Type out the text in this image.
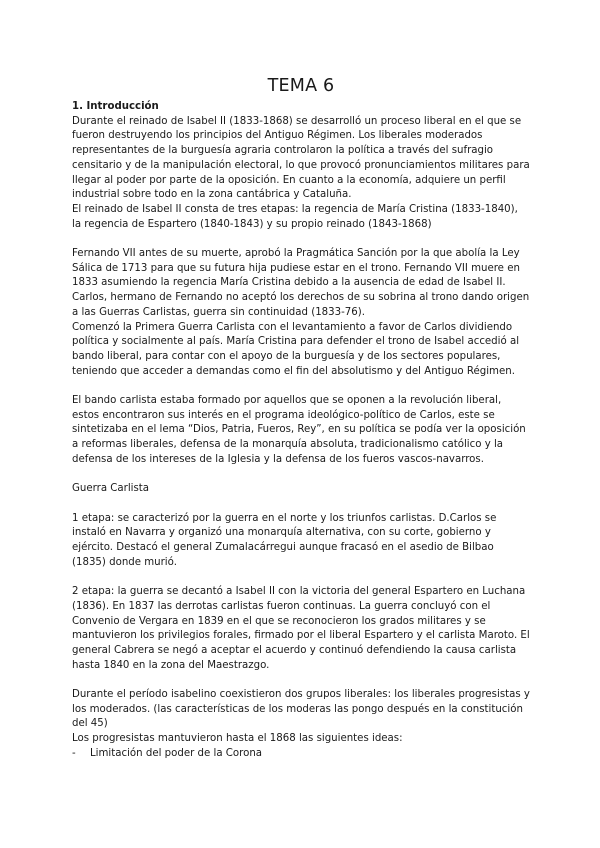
TEMA 6
1. Introducción

Durante el reinado de Isabel II (1833-1868) se desarrolló un proceso liberal en el que se fueron destruyendo los principios del Antiguo Régimen. Los liberales moderados representantes de la burguesía agraria controlaron la política a través del sufragio censitario y de la manipulación electoral, lo que provocó pronunciamientos militares para llegar al poder por parte de la oposición. En cuanto a la economía, adquiere un perfil industrial sobre todo en la zona cantábrica y Cataluña.

El reinado de Isabel II consta de tres etapas: la regencia de María Cristina (1833-1840), la regencia de Espartero (1840-1843) y su propio reinado (1843-1868)

Fernando VII antes de su muerte, aprobó la Pragmática Sanción por la que abolía la Ley Sálica de 1713 para que su futura hija pudiese estar en el trono. Fernando VII muere en 1833 asumiendo la regencia María Cristina debido a la ausencia de edad de Isabel II. Carlos, hermano de Fernando no aceptó los derechos de su sobrina al trono dando origen a las Guerras Carlistas, guerra sin continuidad (1833-76).

Comenzó la Primera Guerra Carlista con el levantamiento a favor de Carlos dividiendo política y socialmente al país. María Cristina para defender el trono de Isabel accedió al bando liberal, para contar con el apoyo de la burguesía y de los sectores populares, teniendo que acceder a demandas como el fin del absolutismo y del Antiguo Régimen.

El bando carlista estaba formado por aquellos que se oponen a la revolución liberal, estos encontraron sus interés en el programa ideológico-político de Carlos, este se sintetizaba en el lema “Dios, Patria, Fueros, Rey”, en su política se podía ver la oposición a reformas liberales, defensa de la monarquía absoluta, tradicionalismo católico y la defensa de los intereses de la Iglesia y la defensa de los fueros vascos-navarros.

Guerra Carlista

1 etapa: se caracterizó por la guerra en el norte y los triunfos carlistas. D.Carlos se instaló en Navarra y organizó una monarquía alternativa, con su corte, gobierno y ejército. Destacó el general Zumalacárregui aunque fracasó en el asedio de Bilbao (1835) donde murió.

2 etapa: la guerra se decantó a Isabel II con la victoria del general Espartero en Luchana (1836). En 1837 las derrotas carlistas fueron continuas. La guerra concluyó con el Convenio de Vergara en 1839 en el que se reconocieron los grados militares y se mantuvieron los privilegios forales, firmado por el liberal Espartero y el carlista Maroto. El general Cabrera se negó a aceptar el acuerdo y continuó defendiendo la causa carlista hasta 1840 en la zona del Maestrazgo.

Durante el período isabelino coexistieron dos grupos liberales: los liberales progresistas y los moderados. (las características de los moderas las pongo después en la constitución del 45)

Los progresistas mantuvieron hasta el 1868 las siguientes ideas:

- Limitación del poder de la Corona
